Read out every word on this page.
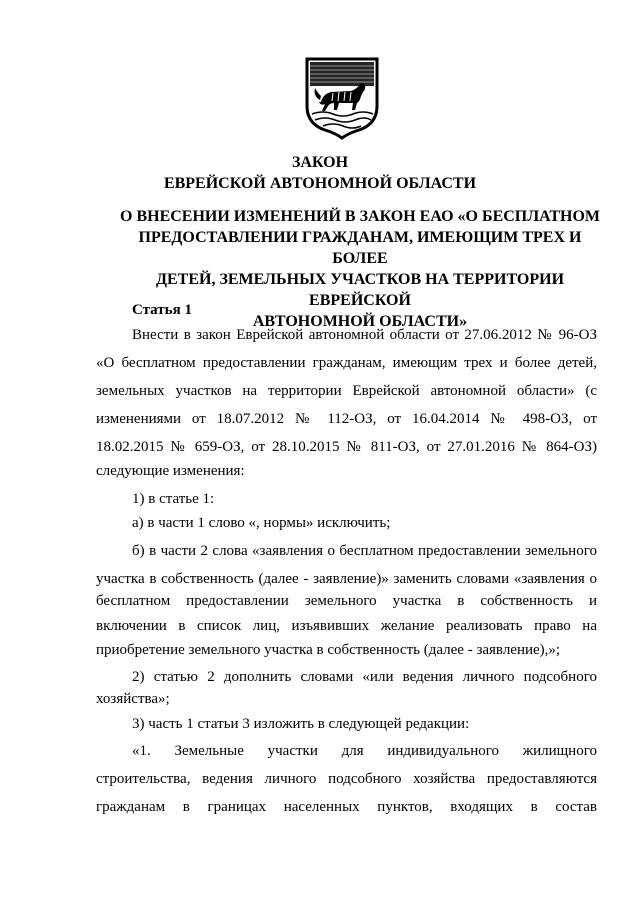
ЗАКОН

ЕВРЕЙСКОЙ АВТОНОМНОЙ ОБЛАСТИ

О ВНЕСЕНИИ ИЗМЕНЕНИЙ В ЗАКОН ЕАО «О БЕСПЛАТНОМ
ПРЕДОСТАВЛЕНИИ ГРАЖДАНАМ, ИМЕЮЩИМ ТРЕХ И БОЛЕЕ
ДЕТЕЙ, ЗЕМЕЛЬНЫХ УЧАСТКОВ НА ТЕРРИТОРИИ ЕВРЕЙСКОЙ
АВТОНОМНОЙ ОБЛАСТИ»
Статья 1
Внести в закон Еврейской автономной области от 27.06.2012 № 96-ОЗ
«О бесплатном предоставлении гражданам, имеющим трех и более детей,
земельных участков на территории Еврейской автономной области» (с
изменениями от 18.07.2012 № 112-ОЗ, от 16.04.2014 № 498-ОЗ, от
18.02.2015 № 659-ОЗ, от 28.10.2015 № 811-ОЗ, от 27.01.2016 № 864-ОЗ)
следующие изменения:
1) в статье 1:
а) в части 1 слово «, нормы» исключить;
б) в части 2 слова «заявления о бесплатном предоставлении земельного
участка в собственность (далее - заявление)» заменить словами «заявления о
бесплатном предоставлении земельного участка в собственность и
включении в список лиц, изъявивших желание реализовать право на
приобретение земельного участка в собственность (далее - заявление),»;
2) статью 2 дополнить словами «или ведения личного подсобного
хозяйства»;
3) часть 1 статьи 3 изложить в следующей редакции:
«1. Земельные участки для индивидуального жилищного
строительства, ведения личного подсобного хозяйства предоставляются
гражданам в границах населенных пунктов, входящих в состав
